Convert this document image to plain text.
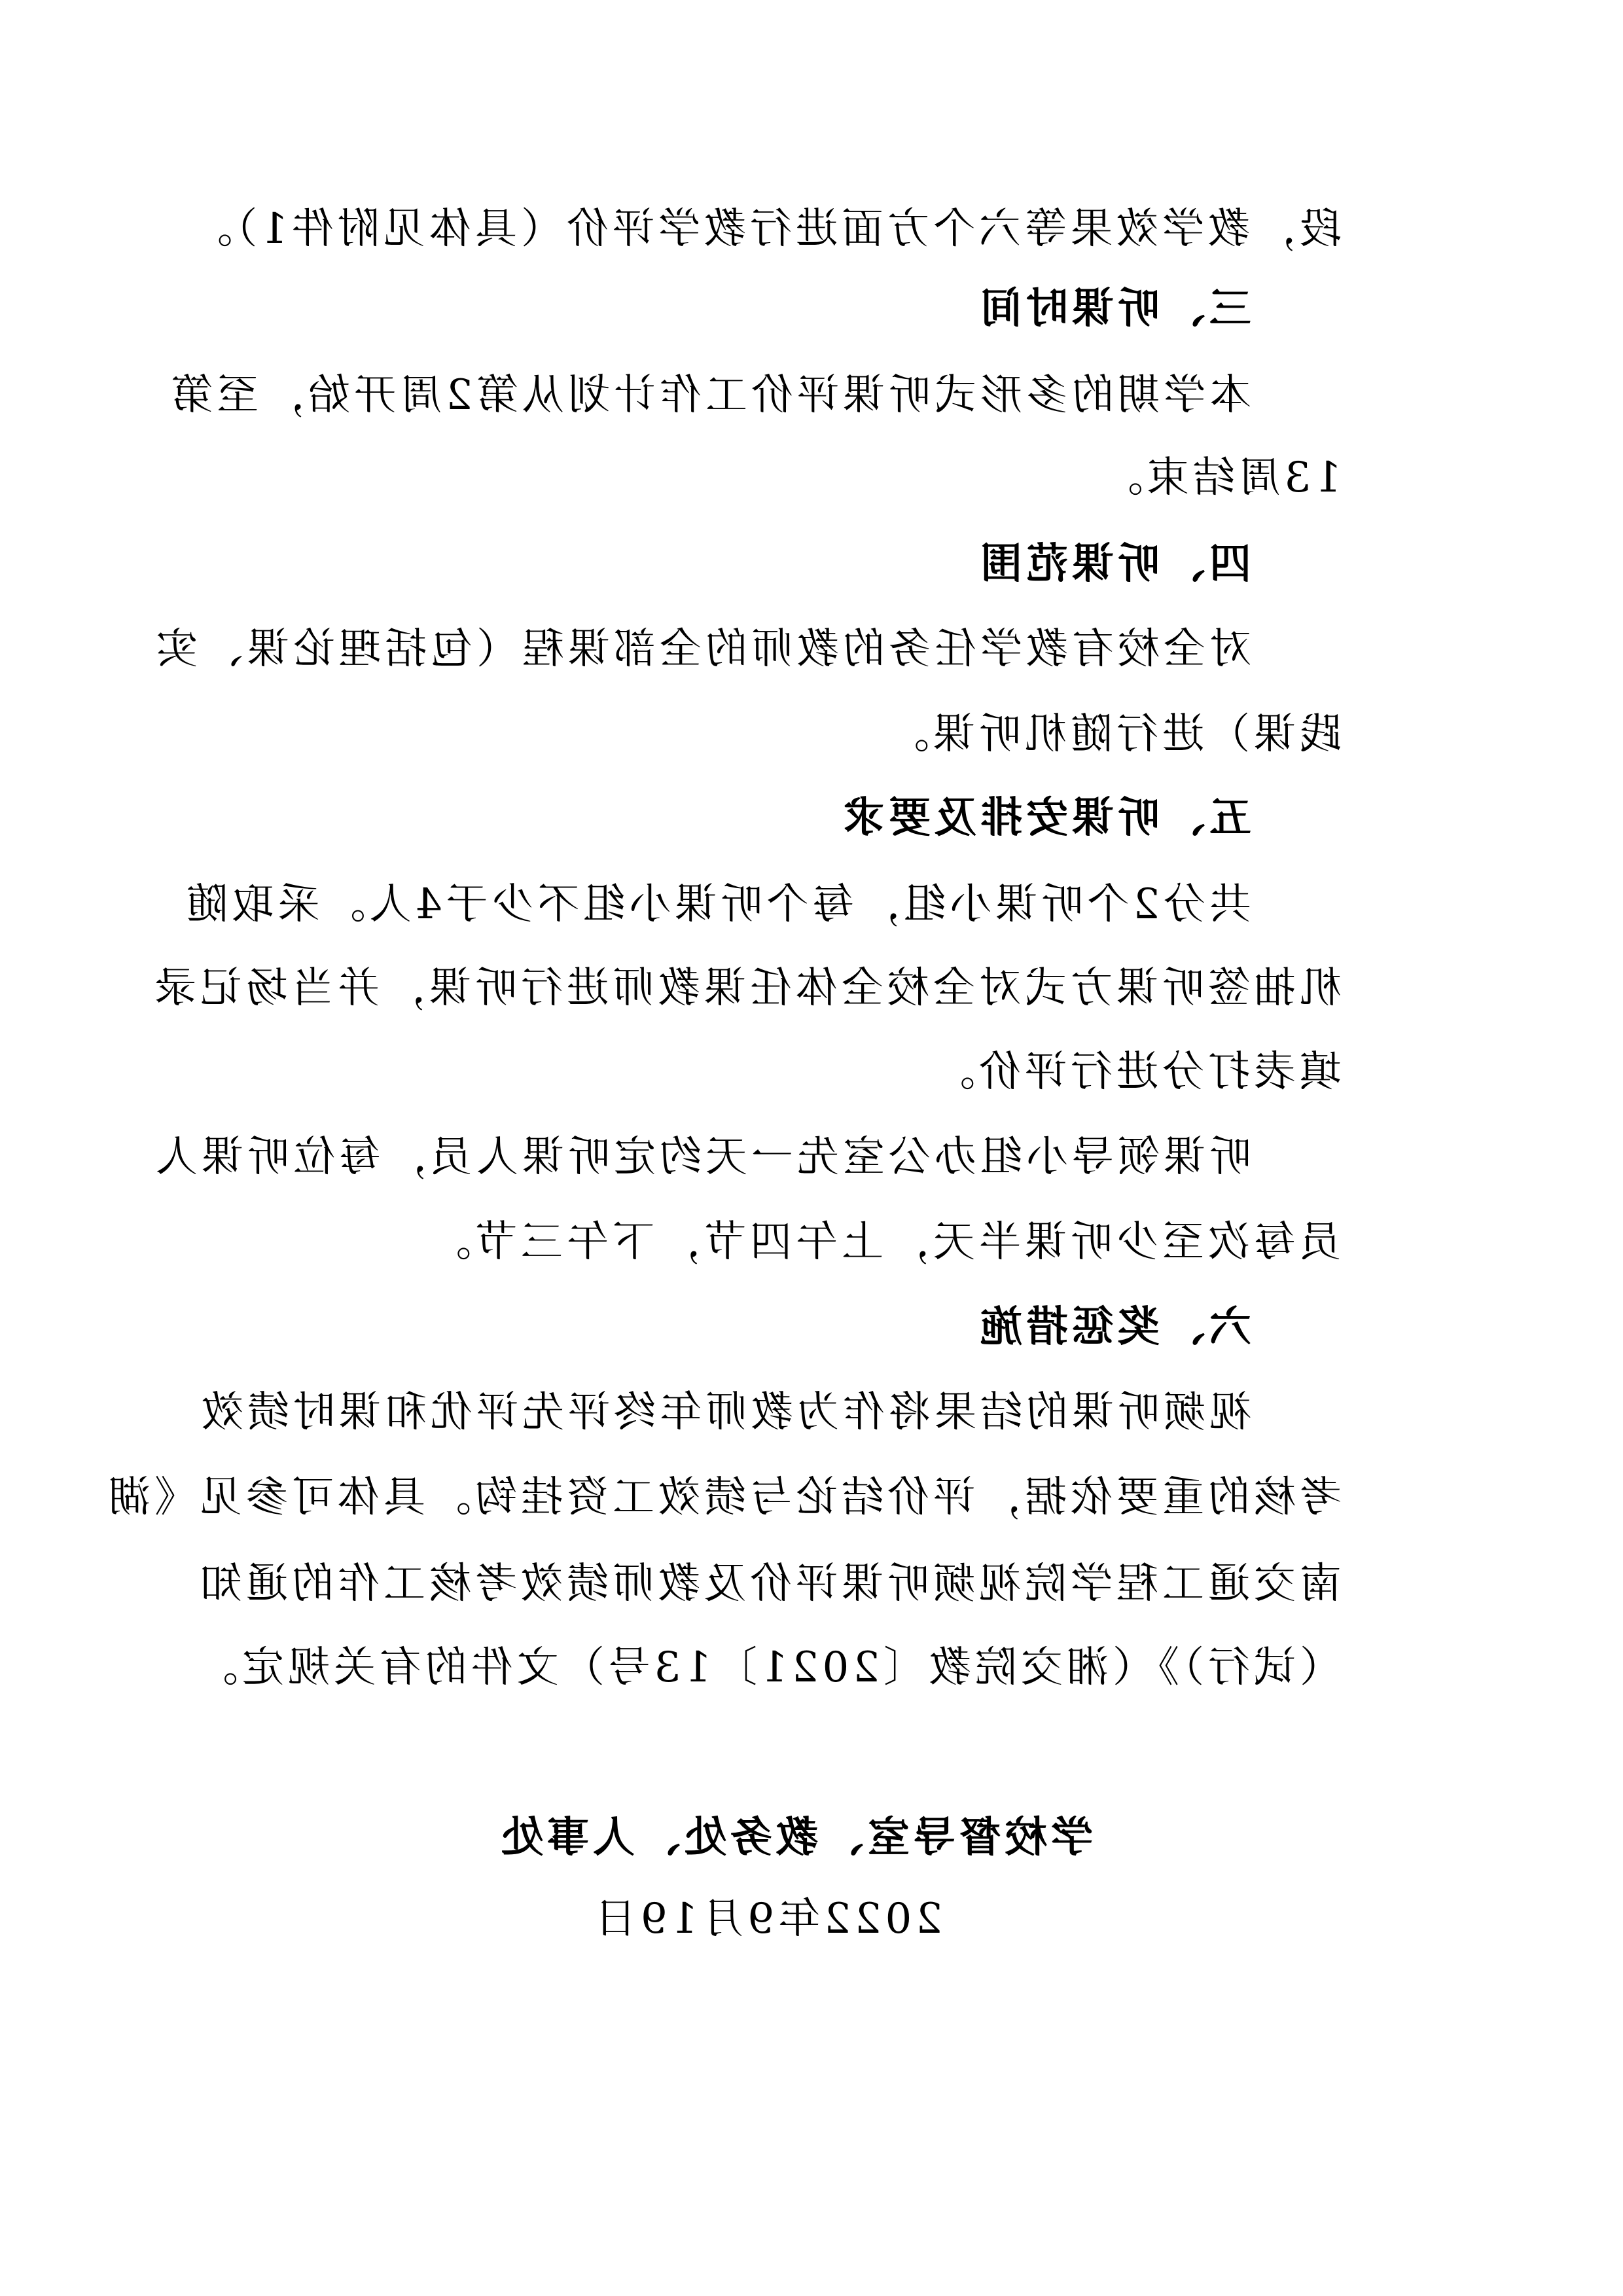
段，教学效果等六个方面进行教学评价（具体见附件1）。
三、听课时间
本学期的多形式听课评价工作计划从第2周开始，至第
13周结束。
四、听课范围
对全校有教学任务的教师的全部课程（包括理论课、实
践课）进行随机听课。
五、听课安排及要求
共分2个听课小组，每个听课小组不少于4人。采取随
机抽签听课方式对全校全体任课教师进行听课，并当场记录
填表打分进行评价。
听课领导小组办公室先一天约定听课人员，每位听课人
员每次至少听课半天，上午四节，下午三节。
六、奖惩措施
视频听课的结果将作为教师年终评先评优和课时绩效
考核的重要依据，评价结论与绩效工资挂钩。具体可参见《湖
南交通工程学院视频听课评价及教师绩效考核工作的通知
（试行）》（湘交院教〔2021〕13号）文件的有关规定。
学校督导室、教务处、人事处
2022年9月19日
